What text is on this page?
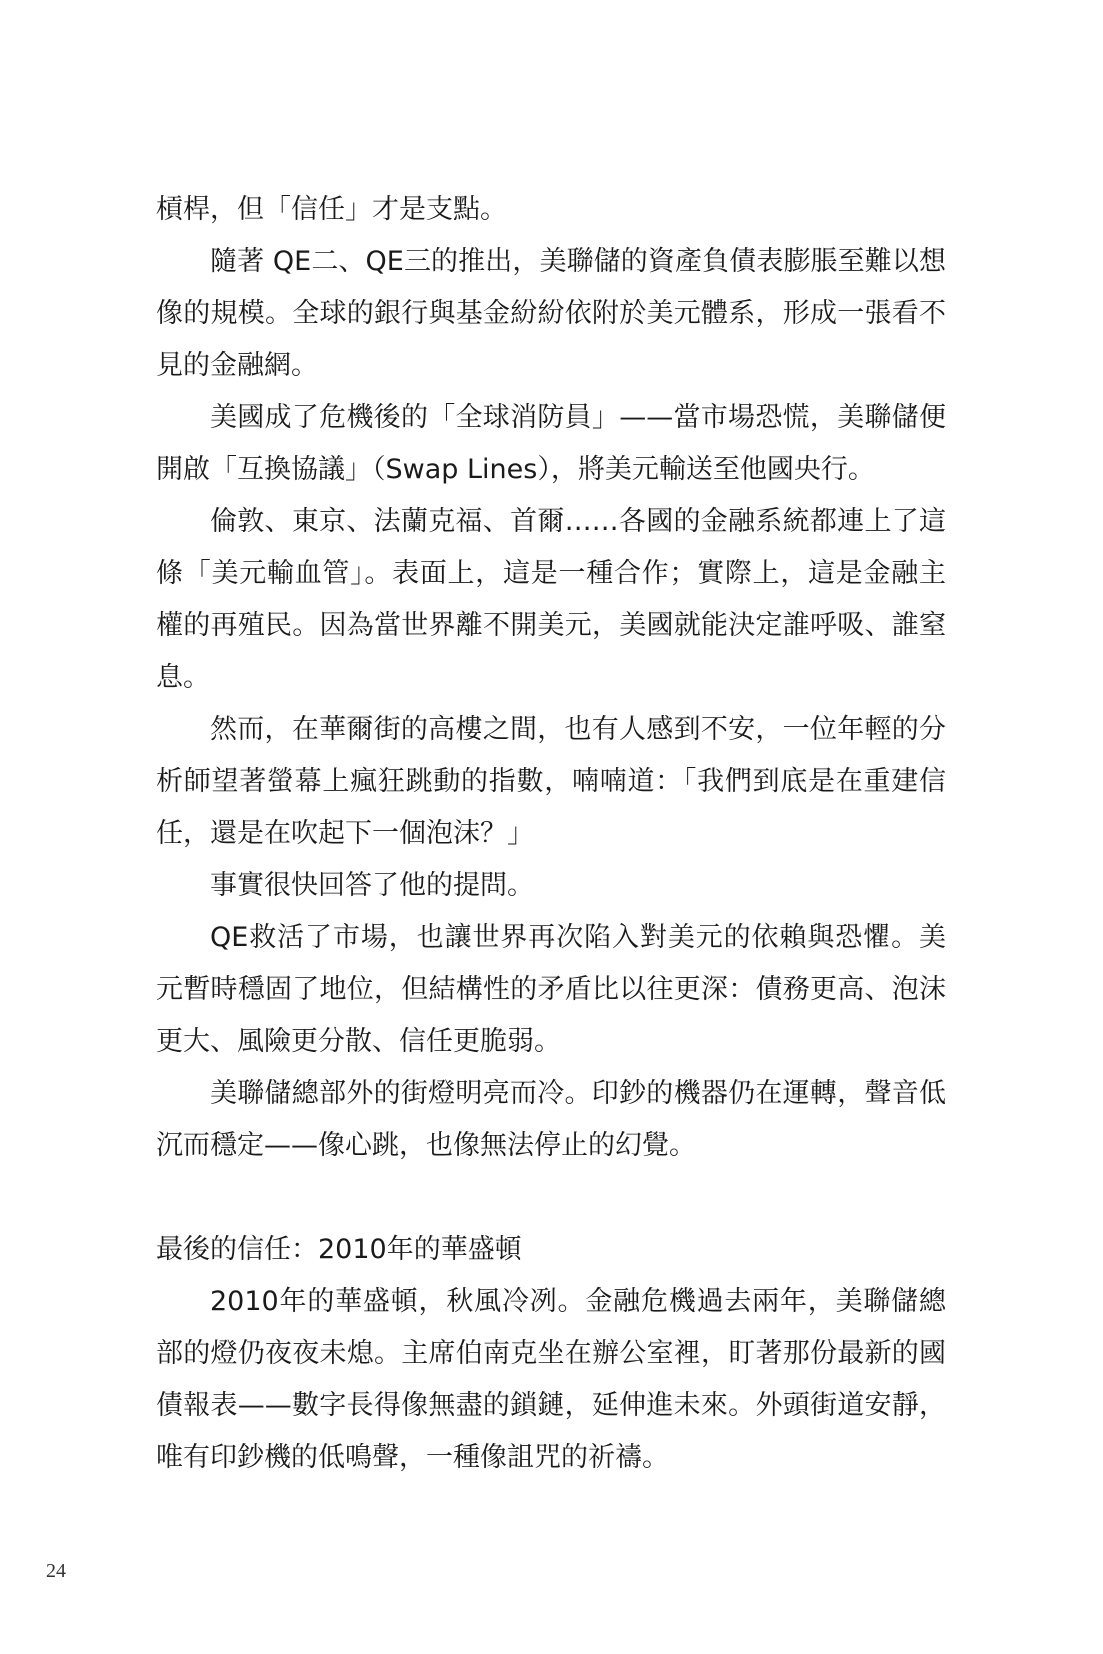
槓桿，但「信任」才是支點。

隨著 QE二、QE三的推出，美聯儲的資產負債表膨脹至難以想像的規模。全球的銀行與基金紛紛依附於美元體系，形成一張看不見的金融網。

美國成了危機後的「全球消防員」——當市場恐慌，美聯儲便開啟「互換協議」（Swap Lines），將美元輸送至他國央行。

倫敦、東京、法蘭克福、首爾……各國的金融系統都連上了這條「美元輸血管」。表面上，這是一種合作；實際上，這是金融主權的再殖民。因為當世界離不開美元，美國就能決定誰呼吸、誰窒息。

然而，在華爾街的高樓之間，也有人感到不安，一位年輕的分析師望著螢幕上瘋狂跳動的指數，喃喃道：「我們到底是在重建信任，還是在吹起下一個泡沫？」

事實很快回答了他的提問。

QE救活了市場，也讓世界再次陷入對美元的依賴與恐懼。美元暫時穩固了地位，但結構性的矛盾比以往更深：債務更高、泡沫更大、風險更分散、信任更脆弱。

美聯儲總部外的街燈明亮而冷。印鈔的機器仍在運轉，聲音低沉而穩定——像心跳，也像無法停止的幻覺。

最後的信任：2010年的華盛頓

2010年的華盛頓，秋風冷冽。金融危機過去兩年，美聯儲總部的燈仍夜夜未熄。主席伯南克坐在辦公室裡，盯著那份最新的國債報表——數字長得像無盡的鎖鏈，延伸進未來。外頭街道安靜，唯有印鈔機的低鳴聲，一種像詛咒的祈禱。

24
